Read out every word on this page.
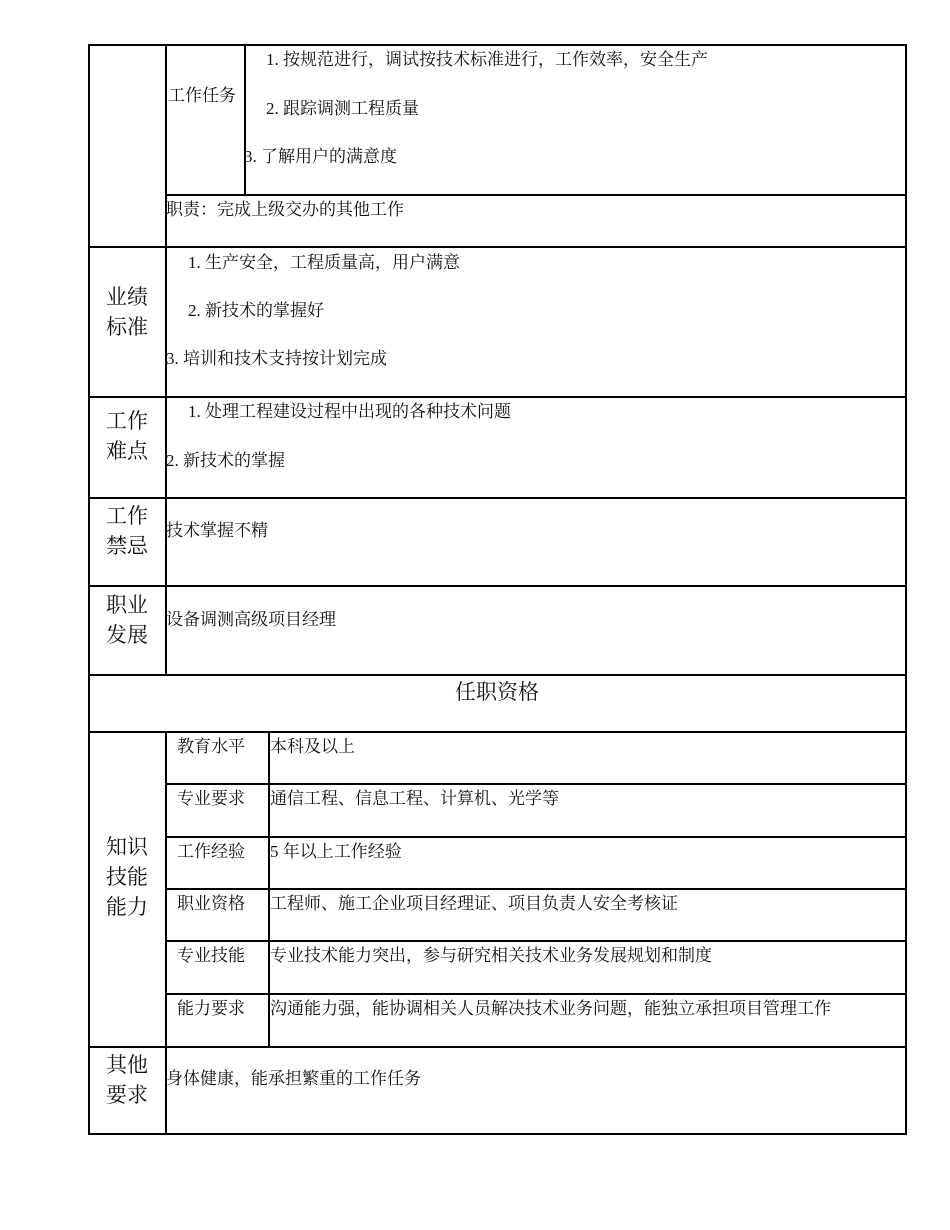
工作任务
1. 按规范进行，调试按技术标准进行，工作效率，安全生产
2. 跟踪调测工程质量
3. 了解用户的满意度
职责：完成上级交办的其他工作
业绩
标准
1. 生产安全，工程质量高，用户满意
2. 新技术的掌握好
3. 培训和技术支持按计划完成
工作
难点
1. 处理工程建设过程中出现的各种技术问题
2. 新技术的掌握
工作
禁忌
技术掌握不精
职业
发展
设备调测高级项目经理
任职资格
知识
技能
能力
教育水平 本科及以上
专业要求 通信工程、信息工程、计算机、光学等
工作经验 5 年以上工作经验
职业资格 工程师、施工企业项目经理证、项目负责人安全考核证
专业技能 专业技术能力突出，参与研究相关技术业务发展规划和制度
能力要求 沟通能力强，能协调相关人员解决技术业务问题，能独立承担项目管理工作
其他
要求
身体健康，能承担繁重的工作任务
